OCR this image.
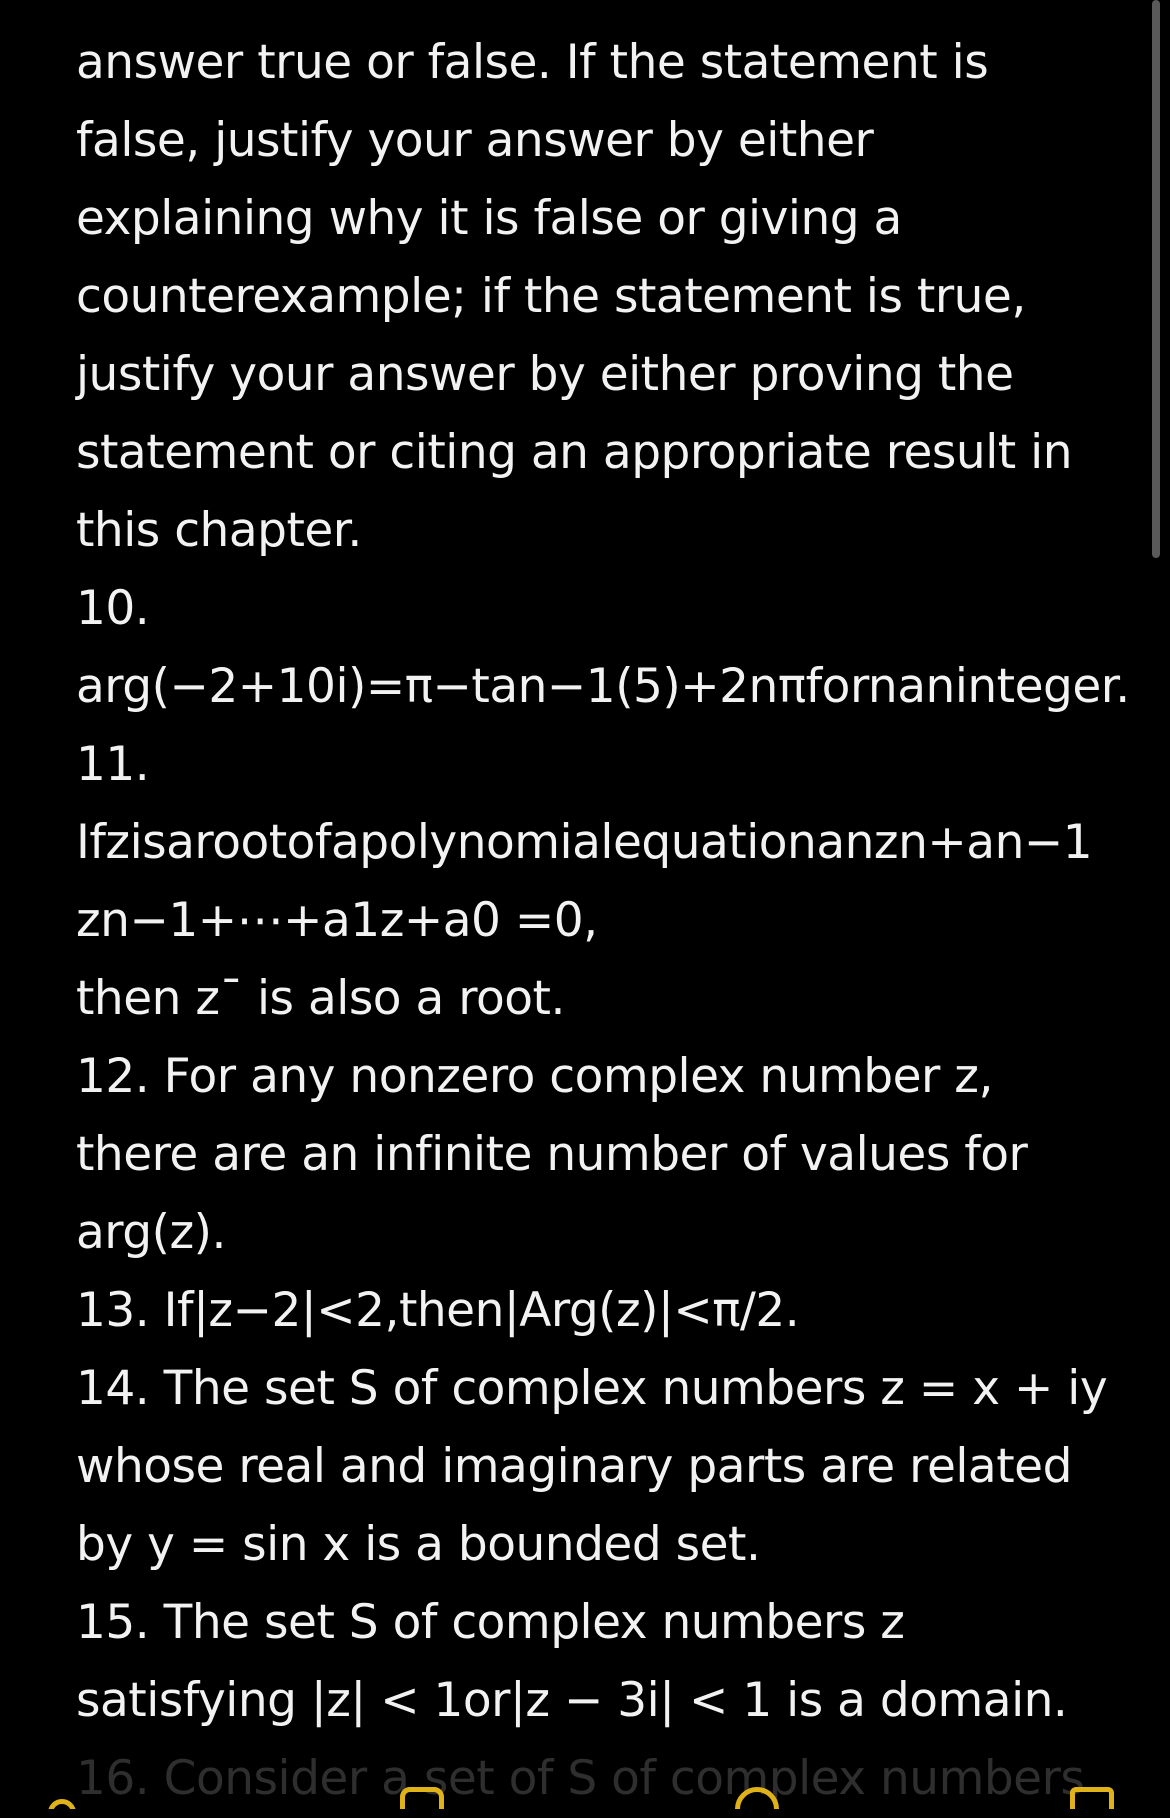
answer true or false. If the statement is
false, justify your answer by either
explaining why it is false or giving a
counterexample; if the statement is true,
justify your answer by either proving the
statement or citing an appropriate result in
this chapter.
10.
arg(−2+10i)=π−tan−1(5)+2nπfornaninteger.
11.
Ifzisarootofapolynomialequationanzn+an−1
zn−1+⋯+a1z+a0 =0,
then z¯ is also a root.
12. For any nonzero complex number z,
there are an infinite number of values for
arg(z).
13. If|z−2|<2,then|Arg(z)|<π/2.
14. The set S of complex numbers z = x + iy
whose real and imaginary parts are related
by y = sin x is a bounded set.
15. The set S of complex numbers z
satisfying |z| < 1or|z − 3i| < 1 is a domain.
16. Consider a set of S of complex numbers
